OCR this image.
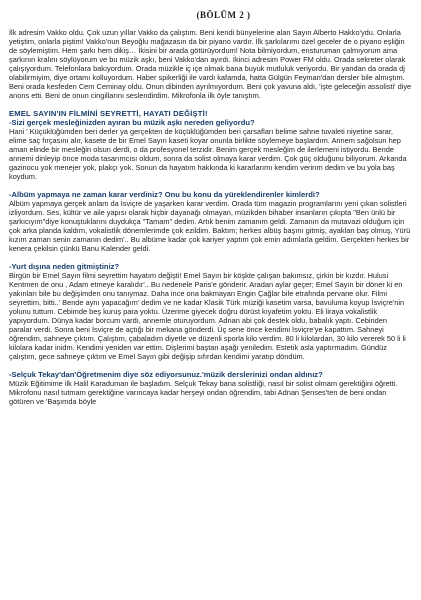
(BÖLÜM 2 )

İlk adresim Vakko oldu. Çok uzun yıllar Vakko da çalıştım. Beni kendi bünyelerine alan Sayın Alberto Hakko'ydu. Onlarla yetiştim, onlarla piştim! Vakko'nun Beyoğlu mağazasın da bir piyano vardır. İlk şarkılarımı özel geceler de o piyano eşliğin de söylemiştim. Hem şarkı hem dikiş… İkisini bir arada götürüyordum! Nota bilmiyordum, ensturuman çalmıyorum ama şarkının kralını söylüyorum ve bu müzik aşkı, beni Vakko'dan ayırdı. İkinci adresim Power FM oldu. Orada sekreter olarak çalışıyordum. Telefonlara bakıyordum. Orada müzikle iç içe olmak bana buyuk mutluluk veriyordu. Bir yandan da orada dj olabilirmiyim, diye ortamı kolluyordum. Haber spikerliği ile vardı kafamda, hatta Gülgün Feyman'dan dersler bile almıştım. Beni orada kesfeden Cem Ceminay oldu. Onun dibinden ayrılmıyordum. Beni çok yavuna aldı, 'işte geleceğin assolisti' diye anons etti. Beni de onun cingillarını seslendirdim. Mikrofonla ilk öyle tanıştım.

EMEL SAYIN'IN FİLMİNİ SEYRETTİ, HAYATI DEĞİŞTİ!

-Sizi gerçek mesleğinizden ayıran bu müzik aşkı nereden geliyordu?

Hani ' Küçüklüğümden beri derler ya gerçekten de küçüklüğümden beri çarsafları belime sahne tuvaleti niyetine sarar, elime saç fırçasını alır, kasete de bir Emel Sayın kaseti koyar onunla birlikte söylemeye başlardım. Annem sağolsun hep aman elinde bir mesleğin olsun derdi, o da profesyonel terzidir. Benim gerçek mesleğim de ilerlemeni istiyordu. Bende annemi dinleyip önce moda tasarımcısı oldum, sonra da solist olmaya karar verdim. Çok güç olduğunu biliyorum. Arkanda gazinocu yok menejer yok, plakçı yok. Sonun da hayatım hakkında ki kararlarımı kendim verirım dedim ve bu yola baş koydum.

-Albüm yapmaya ne zaman karar verdiniz? Onu bu konu da yüreklendirenler kimlerdi?

Albüm yapmaya gerçek anlam da İsviçre de yaşarken karar verdim. Orada tüm magazin programlarını yeni çıkan solistleri izliyordum. Ses, kültür ve aile yapısı olarak hiçbir dayanağı olmayan, müzikden bihaber insanların çıkıpta "Ben ünlü bir şarkıcıyım"diye konuştuklarını duydukça "Tamam" dedim. Artık benim zamanım geldi. Zamanın da mutavazi olduğum için çok arka planda kaldım, vokalistlik dönemlerimde çok ezildim. Baktım; herkes albüş başını gitmiş, ayakları baş olmuş, Yürü kızım zaman senin zamanın dedim'.. Bu albüme kadar çok kariyer yaptım çok emin adımlarla geldim. Gerçekten herkes bir kenera çekilsin çünkü Banu Kalender geldi.

-Yurt dışına neden gitmiştiniz?

Birgün bir Emel Sayın filmi seyrettim hayatım değişti! Emel Sayın bir köşkte çalışan bakımsız, çirkin bir kızdır. Hulusi Kentmen de onu , Adam etmeye karalıdır'.. Bu nedenele Paris'e gönderir. Aradan aylar geçer; Emel Sayın bir döner ki en yakınları bile bu değişimden onu tanıymaz. Daha ince ona bakmayan Engin Çağlar bile etrafında pervane olur. Filmi seyrettim, bitti..' Bende aynı yapacağım' dedim ve ne kadar Klasik Türk müziği kasetim varsa, bavuluma koyup İsviçre'nin yolunu tuttum. Cebimde beş kuruş para yoktu. Üzerime giyecek doğru dürüst kıyafetim yoktu. Eli liraya vokalistlik yapıyordum. Dünya kadar borcum vardı, annemle oturuyordum. Adnan abi çok destek oldu, babalık yaptı. Cebinden paralar verdi. Sonra beni İsviçre de açtığı bir mekana gönderdi. Üç sene önce kendimi İsviçre'ye kapattım. Sahneyi öğrendim, sahneye çıktım. Çalıştım, çabaladım diyetle ve düzenli sporla kilo verdim. 80 li kilolardan, 30 kilo vererek 50 li li kilolara kadar inidm. Kendimi yeniden var ettim. Dişlerimi baştan aşağı yeniledim. Estetik asla yaptırmadım. Gündüz çalıştım, gece sahneye çıktım ve Emel Sayın gibi değişip sıfırdan kendimi yaratıp döndüm.

-Selçuk Tekay'dan'Öğretmenim diye söz ediyorsunuz.'müzik derslerinizi ondan aldınız?

Müzik Eğitimime ilk Halil Karaduman ile başladım. Selçuk Tekay bana solistliği, nasıl bir solist olmam gerektiğini öğretti. Mikrofonu nasıl tutmam gerektiğine varıncaya kadar herşeyi ondan öğrendim, tabi Adnan Şenses'ten de beni ondan götüren ve 'Başımda böyle
